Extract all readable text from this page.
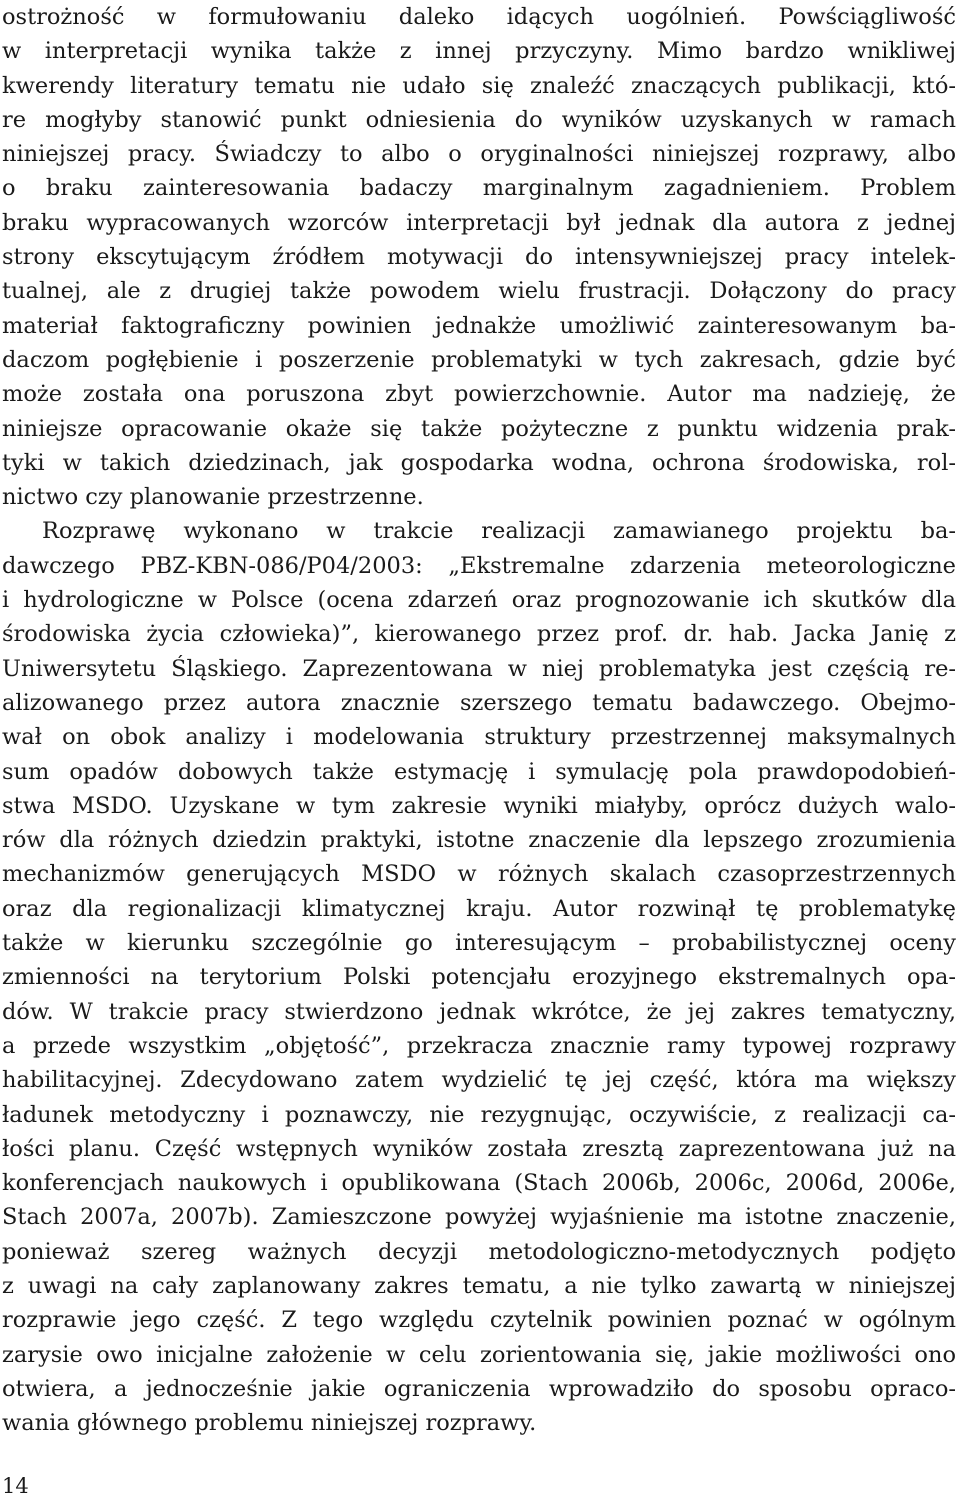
ostrożność w formułowaniu daleko idących uogólnień. Powściągliwość
w interpretacji wynika także z innej przyczyny. Mimo bardzo wnikliwej
kwerendy literatury tematu nie udało się znaleźć znaczących publikacji, któ-
re mogłyby stanowić punkt odniesienia do wyników uzyskanych w ramach
niniejszej pracy. Świadczy to albo o oryginalności niniejszej rozprawy, albo
o braku zainteresowania badaczy marginalnym zagadnieniem. Problem
braku wypracowanych wzorców interpretacji był jednak dla autora z jednej
strony ekscytującym źródłem motywacji do intensywniejszej pracy intelek-
tualnej, ale z drugiej także powodem wielu frustracji. Dołączony do pracy
materiał faktograficzny powinien jednakże umożliwić zainteresowanym ba-
daczom pogłębienie i poszerzenie problematyki w tych zakresach, gdzie być
może została ona poruszona zbyt powierzchownie. Autor ma nadzieję, że
niniejsze opracowanie okaże się także pożyteczne z punktu widzenia prak-
tyki w takich dziedzinach, jak gospodarka wodna, ochrona środowiska, rol-
nictwo czy planowanie przestrzenne.
Rozprawę wykonano w trakcie realizacji zamawianego projektu ba-
dawczego PBZ-KBN-086/P04/2003: „Ekstremalne zdarzenia meteorologiczne
i hydrologiczne w Polsce (ocena zdarzeń oraz prognozowanie ich skutków dla
środowiska życia człowieka)”, kierowanego przez prof. dr. hab. Jacka Janię z
Uniwersytetu Śląskiego. Zaprezentowana w niej problematyka jest częścią re-
alizowanego przez autora znacznie szerszego tematu badawczego. Obejmo-
wał on obok analizy i modelowania struktury przestrzennej maksymalnych
sum opadów dobowych także estymację i symulację pola prawdopodobień-
stwa MSDO. Uzyskane w tym zakresie wyniki miałyby, oprócz dużych walo-
rów dla różnych dziedzin praktyki, istotne znaczenie dla lepszego zrozumienia
mechanizmów generujących MSDO w różnych skalach czasoprzestrzennych
oraz dla regionalizacji klimatycznej kraju. Autor rozwinął tę problematykę
także w kierunku szczególnie go interesującym – probabilistycznej oceny
zmienności na terytorium Polski potencjału erozyjnego ekstremalnych opa-
dów. W trakcie pracy stwierdzono jednak wkrótce, że jej zakres tematyczny,
a przede wszystkim „objętość”, przekracza znacznie ramy typowej rozprawy
habilitacyjnej. Zdecydowano zatem wydzielić tę jej część, która ma większy
ładunek metodyczny i poznawczy, nie rezygnując, oczywiście, z realizacji ca-
łości planu. Część wstępnych wyników została zresztą zaprezentowana już na
konferencjach naukowych i opublikowana (Stach 2006b, 2006c, 2006d, 2006e,
Stach 2007a, 2007b). Zamieszczone powyżej wyjaśnienie ma istotne znaczenie,
ponieważ szereg ważnych decyzji metodologiczno-metodycznych podjęto
z uwagi na cały zaplanowany zakres tematu, a nie tylko zawartą w niniejszej
rozprawie jego część. Z tego względu czytelnik powinien poznać w ogólnym
zarysie owo inicjalne założenie w celu zorientowania się, jakie możliwości ono
otwiera, a jednocześnie jakie ograniczenia wprowadziło do sposobu opraco-
wania głównego problemu niniejszej rozprawy.
14
